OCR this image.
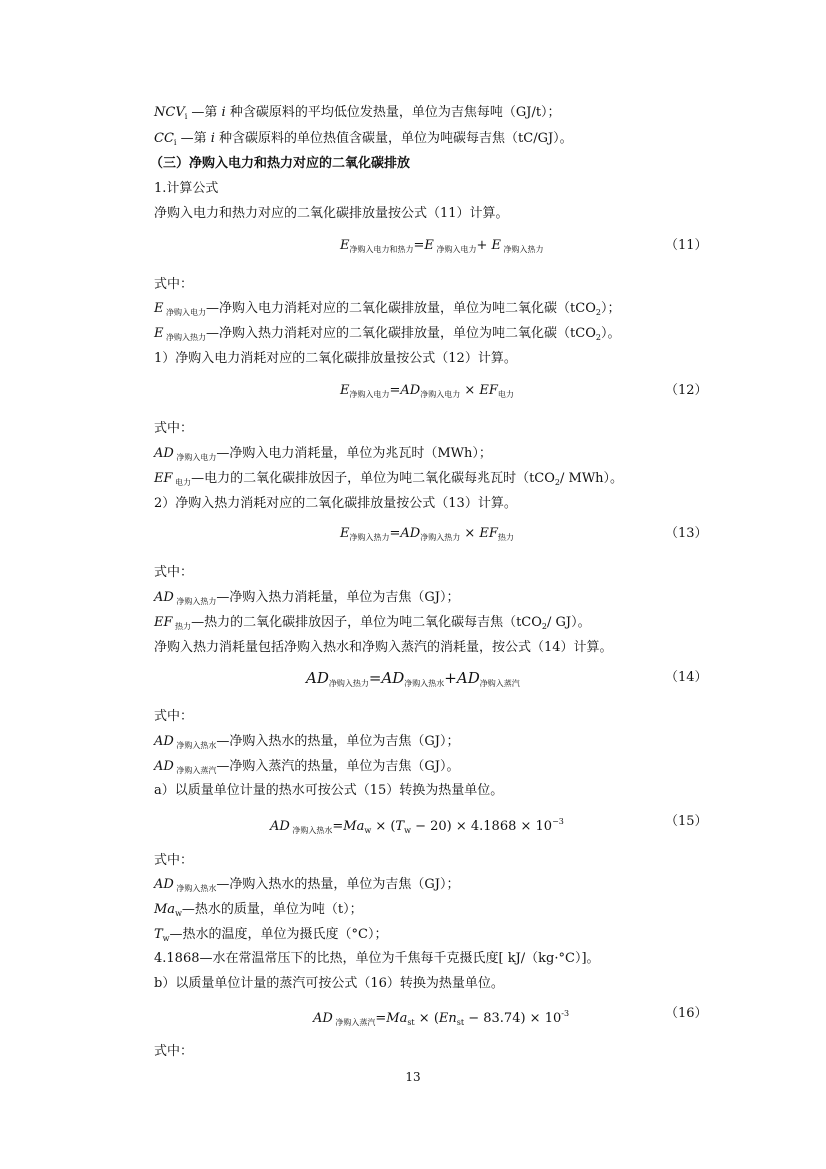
$NCV_i$ —第 i 种含碳原料的平均低位发热量，单位为吉焦每吨（GJ/t）；
$CC_i$ —第 i 种含碳原料的单位热值含碳量，单位为吨碳每吉焦（tC/GJ）。
（三）净购入电力和热力对应的二氧化碳排放
1.计算公式
净购入电力和热力对应的二氧化碳排放量按公式（11）计算。
$E_{净购入电力和热力}=E$ $_{净购入电力}$+ E $_{净购入热力}$	（11）
式中：
E $_{净购入电力}$—净购入电力消耗对应的二氧化碳排放量，单位为吨二氧化碳（tCO$_2$）；
E $_{净购入热力}$—净购入热力消耗对应的二氧化碳排放量，单位为吨二氧化碳（tCO$_2$）。
1）净购入电力消耗对应的二氧化碳排放量按公式（12）计算。
$E_{净购入电力}=AD_{净购入电力} \times EF_{电力}$	（12）
式中：
AD $_{净购入电力}$—净购入电力消耗量，单位为兆瓦时（MWh）；
EF $_{电力}$—电力的二氧化碳排放因子，单位为吨二氧化碳每兆瓦时（tCO$_2$/ MWh）。
2）净购入热力消耗对应的二氧化碳排放量按公式（13）计算。
$E_{净购入热力}=AD_{净购入热力} \times EF_{热力}$	（13）
式中：
AD $_{净购入热力}$—净购入热力消耗量，单位为吉焦（GJ）；
EF $_{热力}$—热力的二氧化碳排放因子，单位为吨二氧化碳每吉焦（tCO$_2$/ GJ）。
净购入热力消耗量包括净购入热水和净购入蒸汽的消耗量，按公式（14）计算。
$AD_{净购入热力}=AD_{净购入热水}+AD_{净购入蒸汽}$	（14）
式中：
AD $_{净购入热水}$—净购入热水的热量，单位为吉焦（GJ）；
AD $_{净购入蒸汽}$—净购入蒸汽的热量，单位为吉焦（GJ）。
a）以质量单位计量的热水可按公式（15）转换为热量单位。
AD $_{净购入热水}=Ma_w \times (T_w - 20) \times 4.1868 \times 10^{-3}$	（15）
式中：
AD $_{净购入热水}$—净购入热水的热量，单位为吉焦（GJ）；
$Ma_w—$热水的质量，单位为吨（t）；
$T_w—$热水的温度，单位为摄氏度（°C）；
4.1868—水在常温常压下的比热，单位为千焦每千克摄氏度[ kJ/（kg·°C）]。
b）以质量单位计量的蒸汽可按公式（16）转换为热量单位。
AD $_{净购入蒸汽}=Ma_{st} \times (En_{st} - 83.74) \times 10^{-3}$	（16）
式中：
13
